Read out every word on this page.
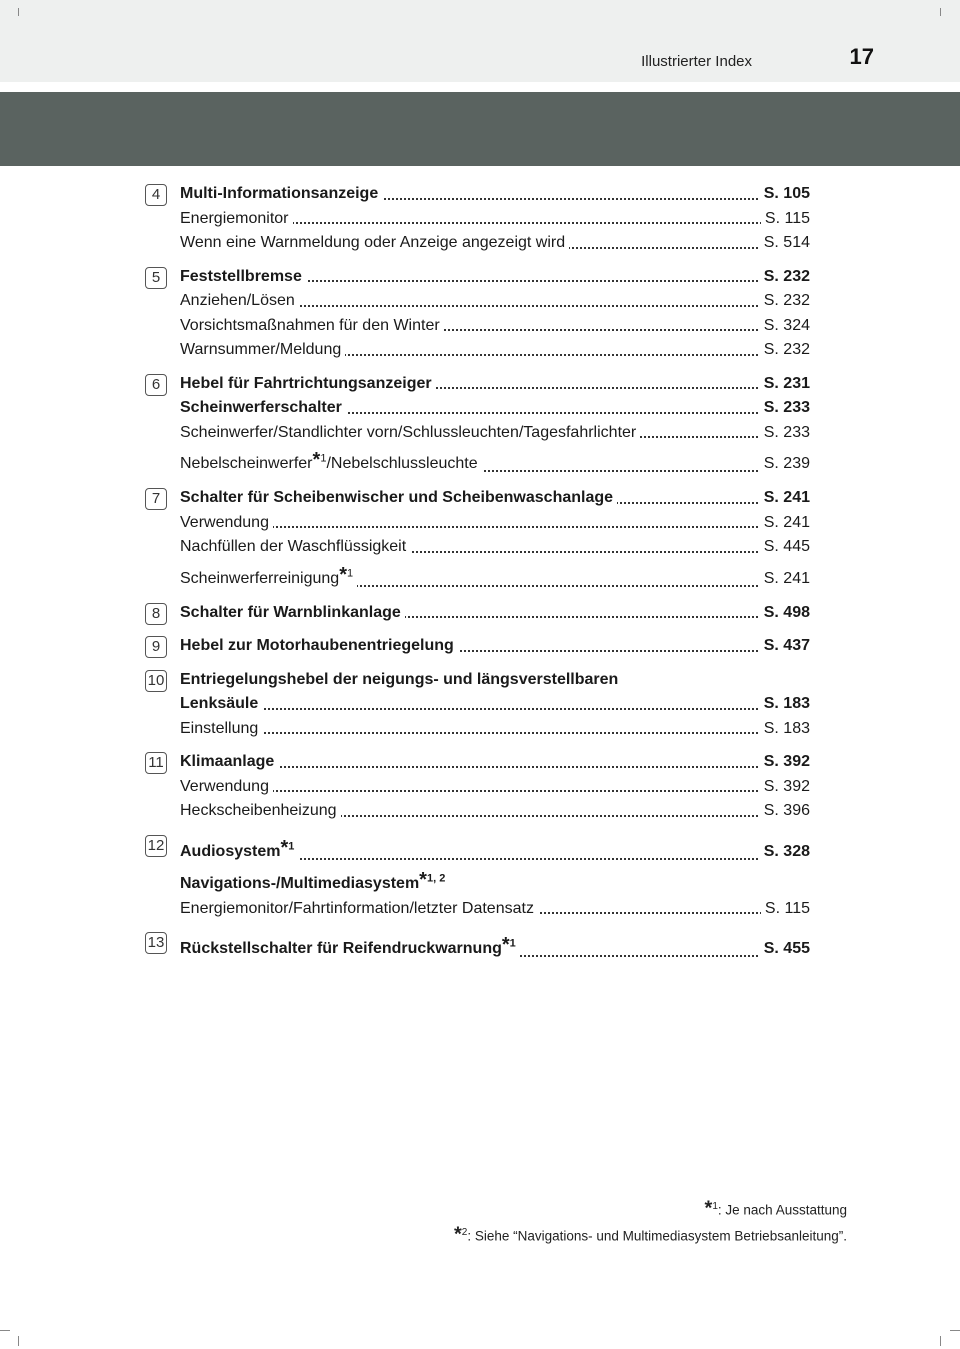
Illustrierter Index	17
4	Multi-Informationsanzeige	S. 105
Energiemonitor	S. 115
Wenn eine Warnmeldung oder Anzeige angezeigt wird	S. 514
5	Feststellbremse	S. 232
Anziehen/Lösen	S. 232
Vorsichtsmaßnahmen für den Winter	S. 324
Warnsummer/Meldung	S. 232
6	Hebel für Fahrtrichtungsanzeiger	S. 231
Scheinwerferschalter	S. 233
Scheinwerfer/Standlichter vorn/Schlussleuchten/Tagesfahrlichter	S. 233
Nebelscheinwerfer*$^1$/Nebelschlussleuchte	S. 239
7	Schalter für Scheibenwischer und Scheibenwaschanlage	S. 241
Verwendung	S. 241
Nachfüllen der Waschflüssigkeit	S. 445
Scheinwerferreinigung*$^1$	S. 241
8	Schalter für Warnblinkanlage	S. 498
9	Hebel zur Motorhaubenentriegelung	S. 437
10 Entriegelungshebel der neigungs- und längsverstellbaren
Lenksäule	S. 183
Einstellung	S. 183
11 Klimaanlage	S. 392
Verwendung	S. 392
Heckscheibenheizung	S. 396
12 Audiosystem*$^1$	S. 328
Navigations-/Multimediasystem*$^{1, 2}$
Energiemonitor/Fahrtinformation/letzter Datensatz	S. 115
13 Rückstellschalter für Reifendruckwarnung*$^1$	S. 455
*$^1$: Je nach Ausstattung
*$^2$: Siehe “Navigations- und Multimediasystem Betriebsanleitung”.
